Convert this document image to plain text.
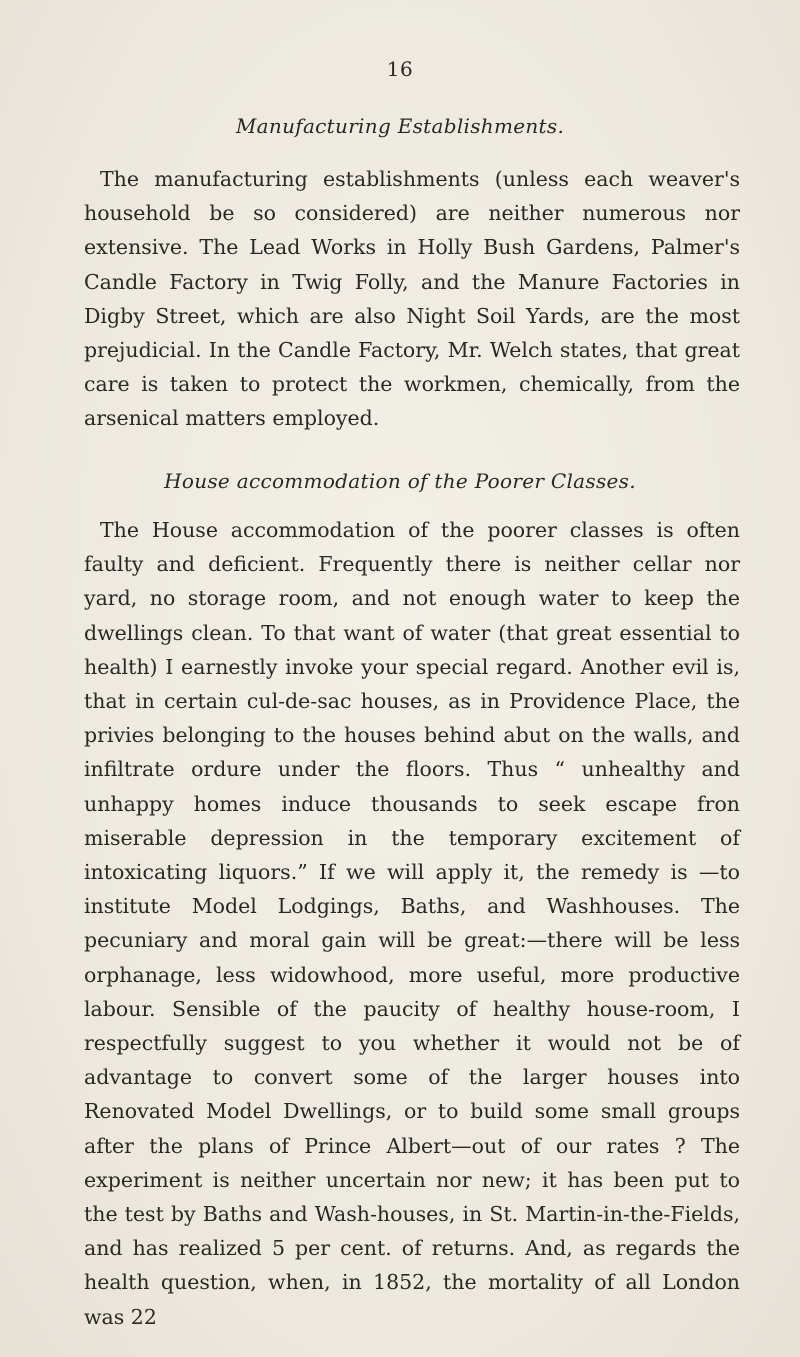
16
Manufacturing Establishments.

The manufacturing establishments (unless each weaver's household be so considered) are neither numerous nor extensive. The Lead Works in Holly Bush Gardens, Palmer's Candle Factory in Twig Folly, and the Manure Factories in Digby Street, which are also Night Soil Yards, are the most prejudicial. In the Candle Factory, Mr. Welch states, that great care is taken to protect the workmen, chemically, from the arsenical matters employed.

House accommodation of the Poorer Classes.

The House accommodation of the poorer classes is often faulty and deficient. Frequently there is neither cellar nor yard, no storage room, and not enough water to keep the dwellings clean. To that want of water (that great essential to health) I earnestly invoke your special regard. Another evil is, that in certain cul-de-sac houses, as in Providence Place, the privies belonging to the houses behind abut on the walls, and infiltrate ordure under the floors. Thus “ unhealthy and unhappy homes induce thousands to seek escape fron miserable depression in the temporary excitement of intoxicating liquors.” If we will apply it, the remedy is —to institute Model Lodgings, Baths, and Washhouses. The pecuniary and moral gain will be great:—there will be less orphanage, less widowhood, more useful, more productive labour. Sensible of the paucity of healthy house-room, I respectfully suggest to you whether it would not be of advantage to convert some of the larger houses into Renovated Model Dwellings, or to build some small groups after the plans of Prince Albert—out of our rates ? The experiment is neither uncertain nor new; it has been put to the test by Baths and Wash-houses, in St. Martin-in-the-Fields, and has realized 5 per cent. of returns. And, as regards the health question, when, in 1852, the mortality of all London was 22
